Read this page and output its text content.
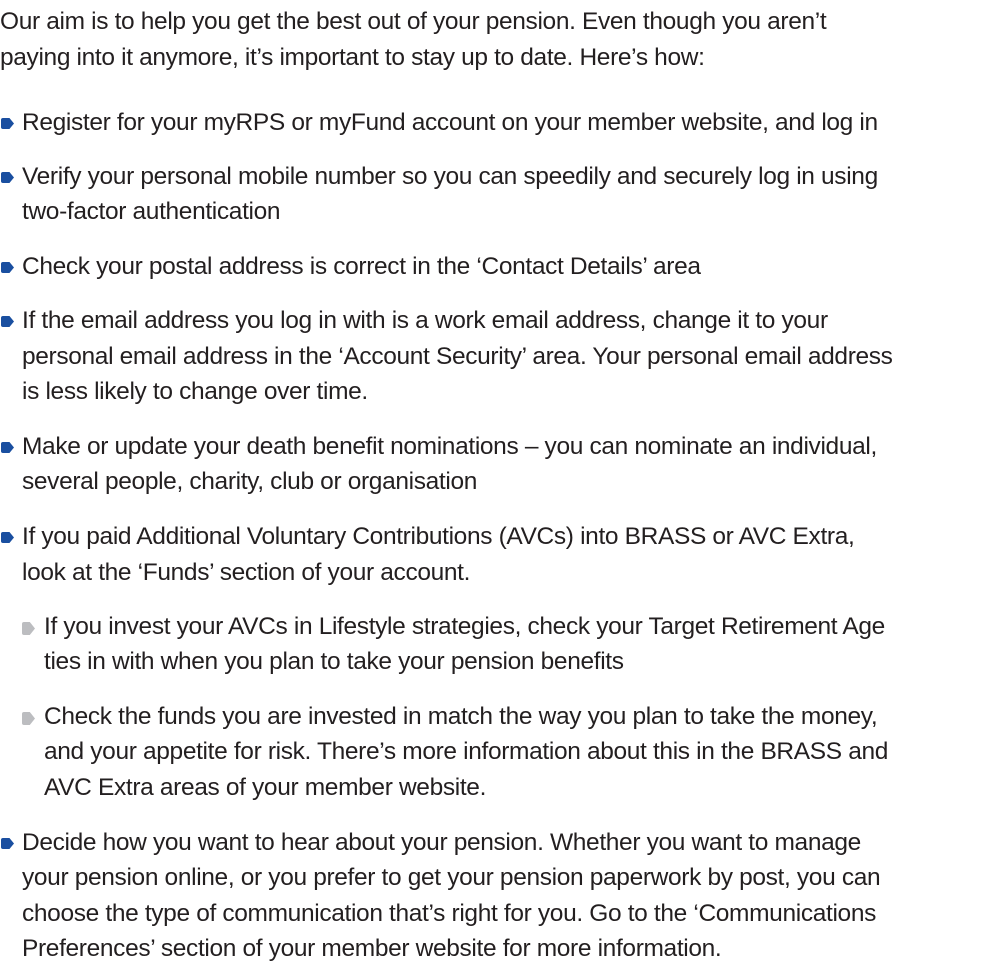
Our aim is to help you get the best out of your pension. Even though you aren’t
paying into it anymore, it’s important to stay up to date. Here’s how:
Register for your myRPS or myFund account on your member website, and log in
Verify your personal mobile number so you can speedily and securely log in using
two-factor authentication
Check your postal address is correct in the ‘Contact Details’ area
If the email address you log in with is a work email address, change it to your
personal email address in the ‘Account Security’ area. Your personal email address
is less likely to change over time.
Make or update your death benefit nominations – you can nominate an individual,
several people, charity, club or organisation
If you paid Additional Voluntary Contributions (AVCs) into BRASS or AVC Extra,
look at the ‘Funds’ section of your account.
If you invest your AVCs in Lifestyle strategies, check your Target Retirement Age
ties in with when you plan to take your pension benefits
Check the funds you are invested in match the way you plan to take the money,
and your appetite for risk. There’s more information about this in the BRASS and
AVC Extra areas of your member website.
Decide how you want to hear about your pension. Whether you want to manage
your pension online, or you prefer to get your pension paperwork by post, you can
choose the type of communication that’s right for you. Go to the ‘Communications
Preferences’ section of your member website for more information.
